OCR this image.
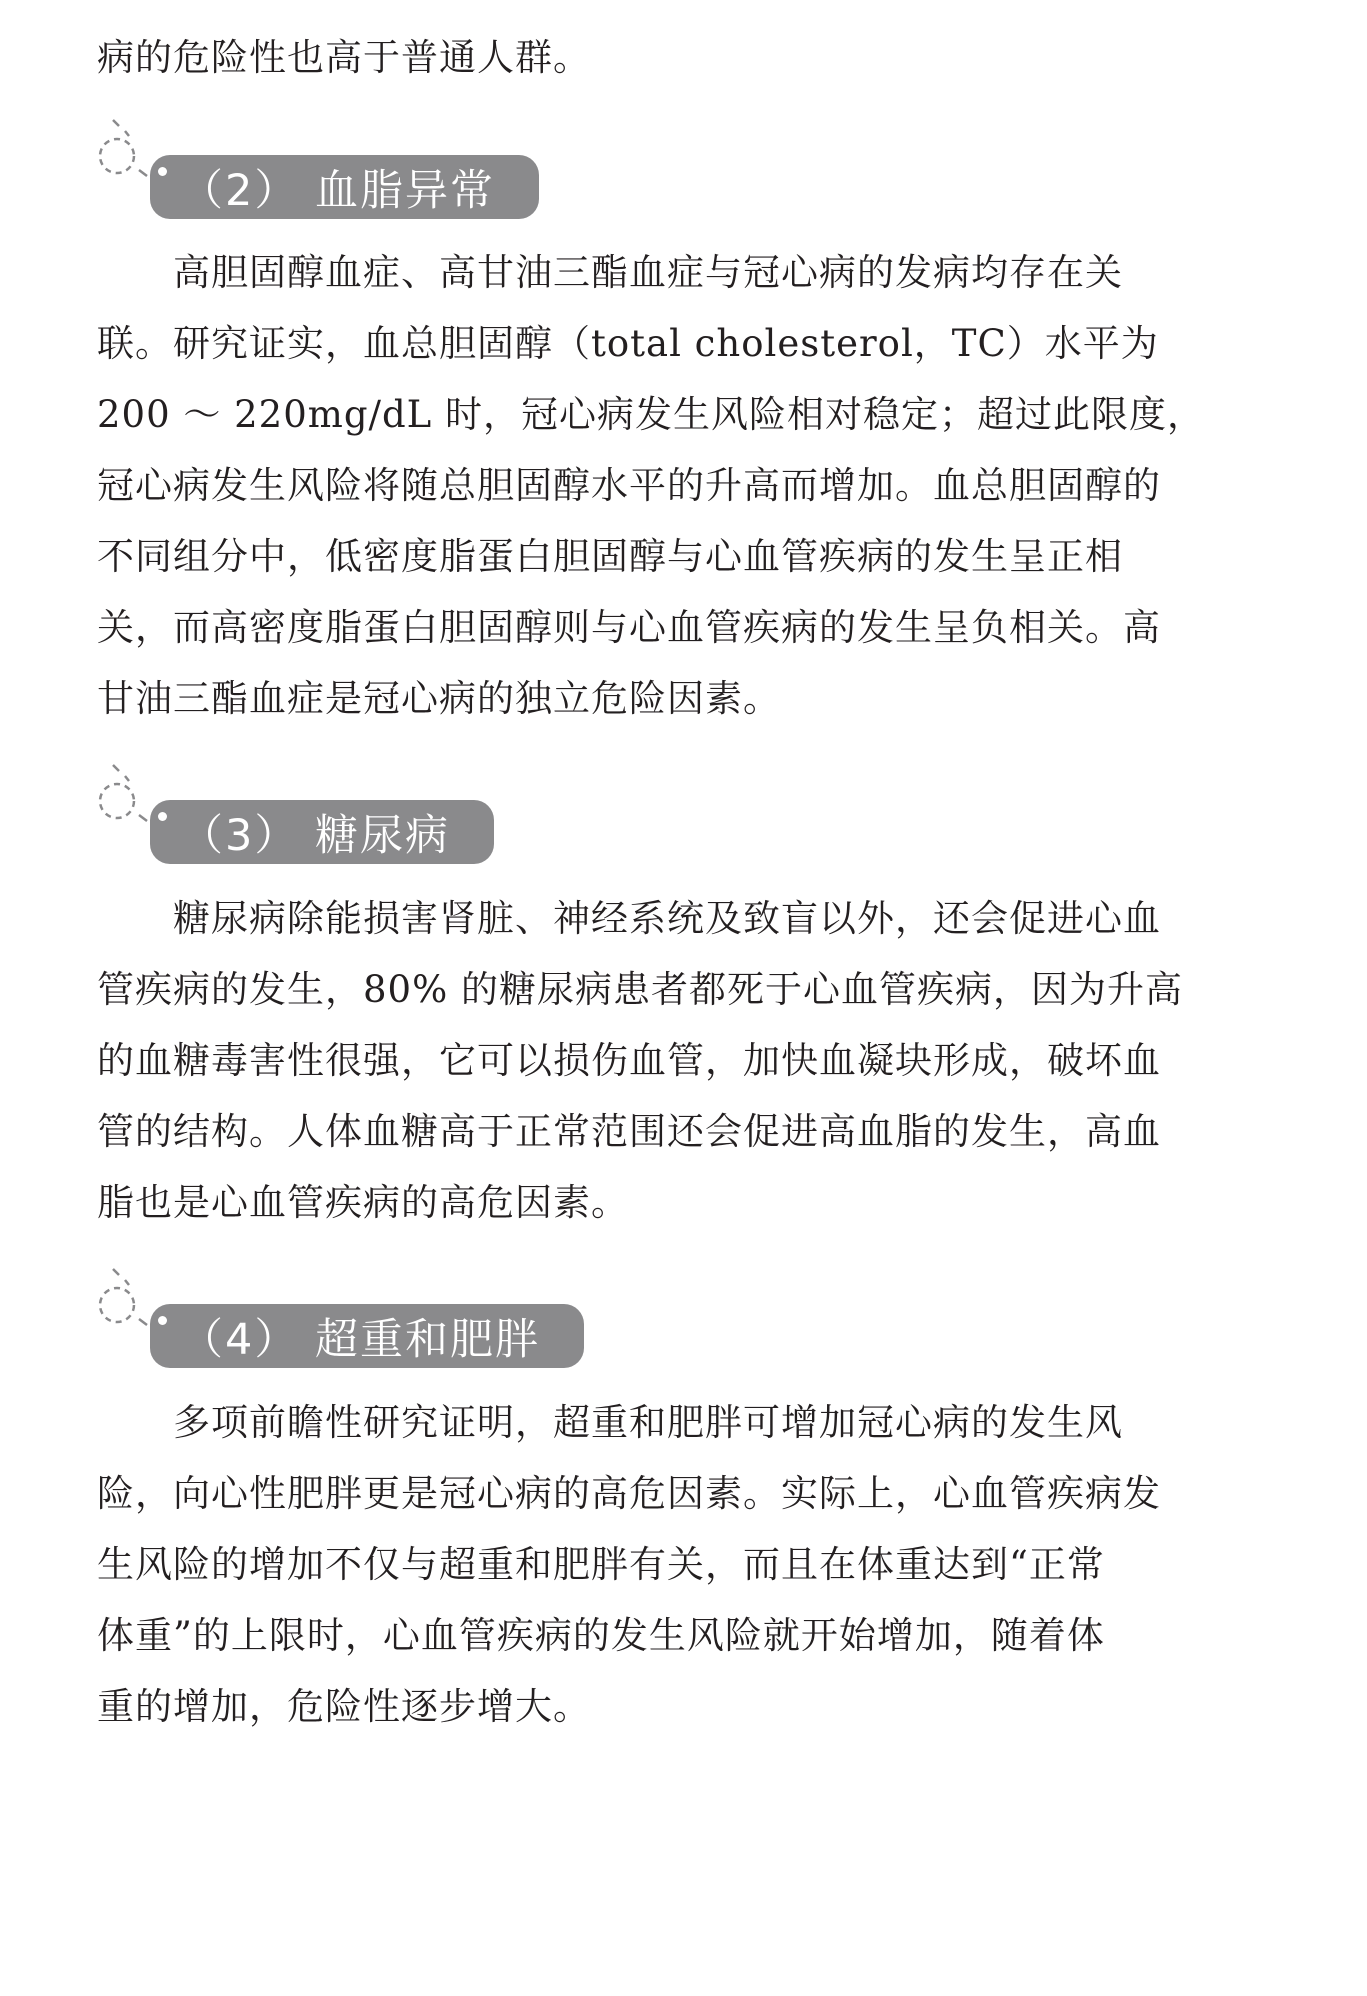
病的危险性也高于普通人群。

（2） 血脂异常
　　高胆固醇血症、高甘油三酯血症与冠心病的发病均存在关
联。研究证实，血总胆固醇（total cholesterol，TC）水平为
200 ～ 220mg/dL 时，冠心病发生风险相对稳定；超过此限度，
冠心病发生风险将随总胆固醇水平的升高而增加。血总胆固醇的
不同组分中，低密度脂蛋白胆固醇与心血管疾病的发生呈正相
关，而高密度脂蛋白胆固醇则与心血管疾病的发生呈负相关。高
甘油三酯血症是冠心病的独立危险因素。
（3） 糖尿病
　　糖尿病除能损害肾脏、神经系统及致盲以外，还会促进心血
管疾病的发生，80% 的糖尿病患者都死于心血管疾病，因为升高
的血糖毒害性很强，它可以损伤血管，加快血凝块形成，破坏血
管的结构。人体血糖高于正常范围还会促进高血脂的发生，高血
脂也是心血管疾病的高危因素。
（4） 超重和肥胖
　　多项前瞻性研究证明，超重和肥胖可增加冠心病的发生风
险，向心性肥胖更是冠心病的高危因素。实际上，心血管疾病发
生风险的增加不仅与超重和肥胖有关，而且在体重达到“正常
体重”的上限时，心血管疾病的发生风险就开始增加，随着体
重的增加，危险性逐步增大。
